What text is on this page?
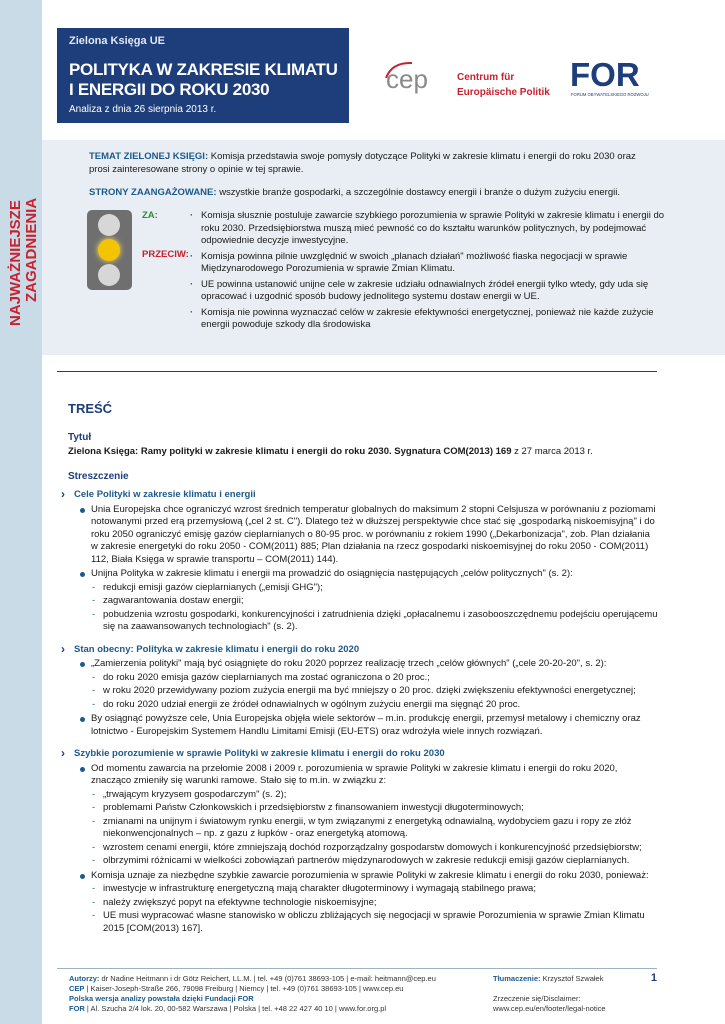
Zielona Księga UE
POLITYKA W ZAKRESIE KLIMATU I ENERGII DO ROKU 2030
Analiza z dnia 26 sierpnia 2013 r.
cep	Centrum für
Europäische Politik FOR
FORUM OBYWATELSKIEGO ROZWOJU
NAJWAŻNIEJSZE ZAGADNIENIA
TEMAT ZIELONEJ KSIĘGI: Komisja przedstawia swoje pomysły dotyczące Polityki w zakresie klimatu i energii do roku 2030 oraz prosi zainteresowane strony o opinie w tej sprawie.
STRONY ZAANGAŻOWANE: wszystkie branże gospodarki, a szczególnie dostawcy energii i branże o dużym zużyciu energii.
ZA:
PRZECIW:
· Komisja słusznie postuluje zawarcie szybkiego porozumienia w sprawie Polityki w zakresie klimatu i energii do roku 2030. Przedsiębiorstwa muszą mieć pewność co do kształtu warunków politycznych, by podejmować odpowiednie decyzje inwestycyjne.
· Komisja powinna pilnie uwzględnić w swoich „planach działań" możliwość fiaska negocjacji w sprawie Międzynarodowego Porozumienia w sprawie Zmian Klimatu.
· UE powinna ustanowić unijne cele w zakresie udziału odnawialnych źródeł energii tylko wtedy, gdy uda się opracować i uzgodnić sposób budowy jednolitego systemu dostaw energii w UE.
· Komisja nie powinna wyznaczać celów w zakresie efektywności energetycznej, ponieważ nie każde zużycie energii powoduje szkody dla środowiska
TREŚĆ
Tytuł
Zielona Księga: Ramy polityki w zakresie klimatu i energii do roku 2030. Sygnatura COM(2013) 169 z 27 marca 2013 r.
Streszczenie
› Cele Polityki w zakresie klimatu i energii
Unia Europejska chce ograniczyć wzrost średnich temperatur globalnych do maksimum 2 stopni Celsjusza w porównaniu z poziomami notowanymi przed erą przemysłową („cel 2 st. C"). Dlatego też w dłuższej perspektywie chce stać się „gospodarką niskoemisyjną" i do roku 2050 ograniczyć emisję gazów cieplarnianych o 80-95 proc. w porównaniu z rokiem 1990 („Dekarbonizacja", zob. Plan działania w zakresie energetyki do roku 2050 - COM(2011) 885; Plan działania na rzecz gospodarki niskoemisyjnej do roku 2050 - COM(2011) 112, Biała Księga w sprawie transportu – COM(2011) 144).
Unijna Polityka w zakresie klimatu i energii ma prowadzić do osiągnięcia następujących „celów politycznych" (s. 2):
- redukcji emisji gazów cieplarnianych („emisji GHG");
- zagwarantowania dostaw energii;
- pobudzenia wzrostu gospodarki, konkurencyjności i zatrudnienia dzięki „opłacalnemu i zasobooszczędnemu podejściu operującemu się na zaawansowanych technologiach" (s. 2).
› Stan obecny: Polityka w zakresie klimatu i energii do roku 2020
„Zamierzenia polityki" mają być osiągnięte do roku 2020 poprzez realizację trzech „celów głównych" („cele 20-20-20", s. 2):
- do roku 2020 emisja gazów cieplarnianych ma zostać ograniczona o 20 proc.;
- w roku 2020 przewidywany poziom zużycia energii ma być mniejszy o 20 proc. dzięki zwiększeniu efektywności energetycznej;
- do roku 2020 udział energii ze źródeł odnawialnych w ogólnym zużyciu energii ma sięgnąć 20 proc.
By osiągnąć powyższe cele, Unia Europejska objęła wiele sektorów – m.in. produkcję energii, przemysł metalowy i chemiczny oraz lotnictwo - Europejskim Systemem Handlu Limitami Emisji (EU-ETS) oraz wdrożyła wiele innych rozwiązań.
› Szybkie porozumienie w sprawie Polityki w zakresie klimatu i energii do roku 2030
Od momentu zawarcia na przełomie 2008 i 2009 r. porozumienia w sprawie Polityki w zakresie klimatu i energii do roku 2020, znacząco zmieniły się warunki ramowe. Stało się to m.in. w związku z:
- „trwającym kryzysem gospodarczym" (s. 2);
- problemami Państw Członkowskich i przedsiębiorstw z finansowaniem inwestycji długoterminowych;
- zmianami na unijnym i światowym rynku energii, w tym związanymi z energetyką odnawialną, wydobyciem gazu i ropy ze złóż niekonwencjonalnych – np. z gazu z łupków - oraz energetyką atomową.
- wzrostem cenami energii, które zmniejszają dochód rozporządzalny gospodarstw domowych i konkurencyjność przedsiębiorstw;
- olbrzymimi różnicami w wielkości zobowiązań partnerów międzynarodowych w zakresie redukcji emisji gazów cieplarnianych.
Komisja uznaje za niezbędne szybkie zawarcie porozumienia w sprawie Polityki w zakresie klimatu i energii do roku 2030, ponieważ:
- inwestycje w infrastrukturę energetyczną mają charakter długoterminowy i wymagają stabilnego prawa;
- należy zwiększyć popyt na efektywne technologie niskoemisyjne;
- UE musi wypracować własne stanowisko w obliczu zbliżających się negocjacji w sprawie Porozumienia w sprawie Zmian Klimatu 2015 [COM(2013) 167].
Autorzy: dr Nadine Heitmann i dr Götz Reichert, LL.M. | tel. +49 (0)761 38693-105 | e-mail: heitmann@cep.eu
CEP | Kaiser-Joseph-Straße 266, 79098 Freiburg | Niemcy | tel. +49 (0)761 38693-105 | www.cep.eu
Polska wersja analizy powstała dzięki Fundacji FOR
FOR | Al. Szucha 2/4 lok. 20, 00-582 Warszawa | Polska | tel. +48 22 427 40 10 | www.for.org.pl
Tłumaczenie: Krzysztof Szwałek
Zrzeczenie się/Disclaimer:
www.cep.eu/en/footer/legal-notice
1
